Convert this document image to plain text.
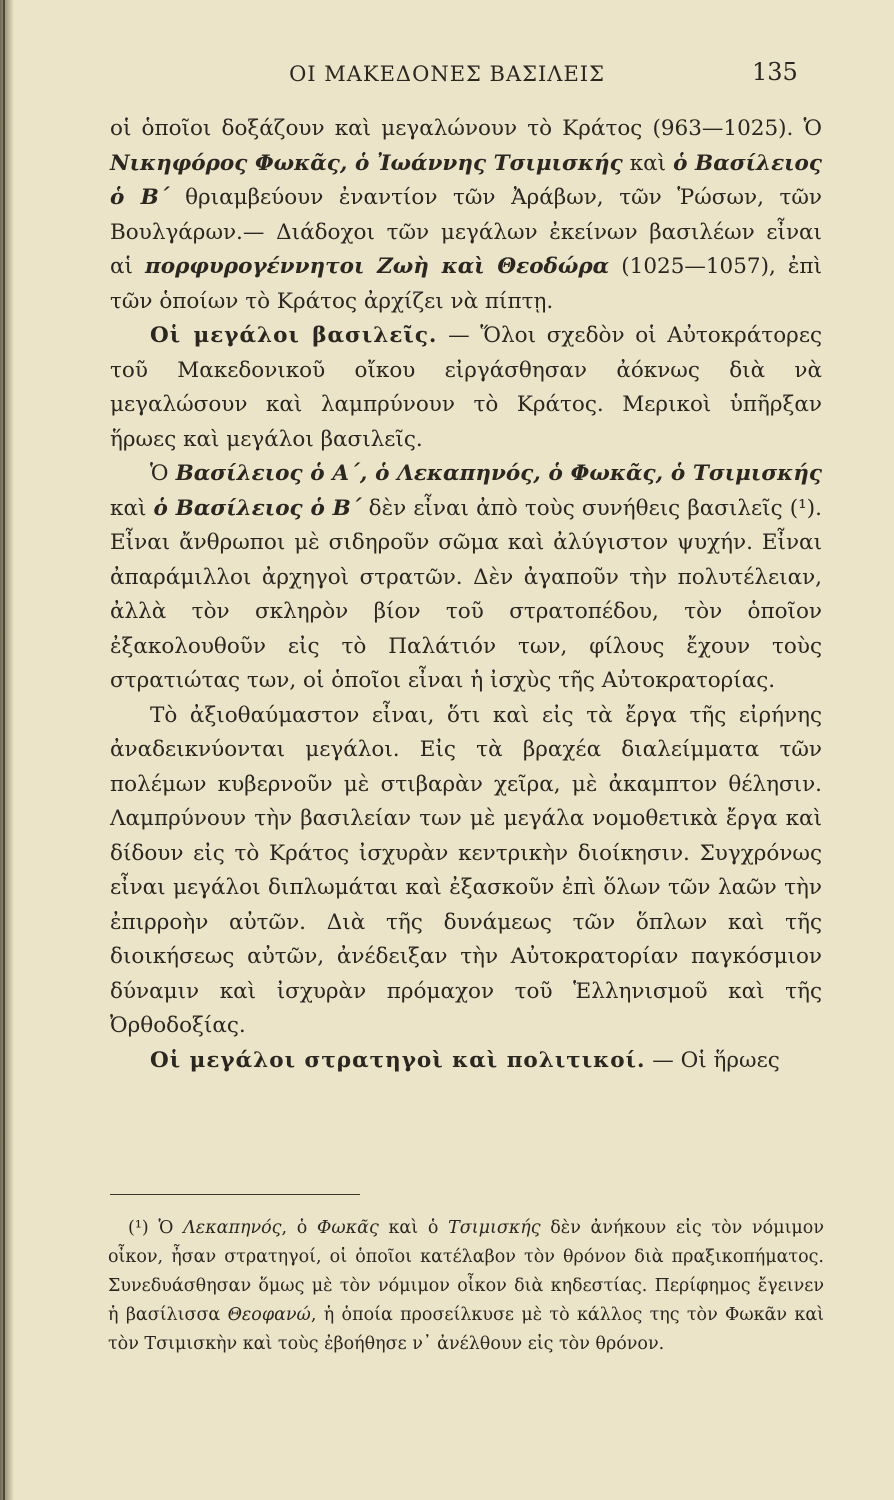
ΟΙ ΜΑΚΕΔΟΝΕΣ ΒΑΣΙΛΕΙΣ	135

οἱ ὁποῖοι δοξάζουν καὶ μεγαλώνουν τὸ Κράτος (963—1025). Ὁ Νικηφόρος Φωκᾶς, ὁ Ἰωάννης Τσιμισκής καὶ ὁ Βασίλειος ὁ Β΄ θριαμβεύουν ἐναντίον τῶν Ἀράβων, τῶν Ῥώσων, τῶν Βουλγάρων.— Διάδοχοι τῶν μεγάλων ἐκείνων βασιλέων εἶναι αἱ πορφυρογέννητοι Ζωὴ καὶ Θεοδώρα (1025—1057), ἐπὶ τῶν ὁποίων τὸ Κράτος ἀρχίζει νὰ πίπτῃ.

Οἱ μεγάλοι βασιλεῖς. — Ὅλοι σχεδὸν οἱ Αὐτοκράτορες τοῦ Μακεδονικοῦ οἴκου εἰργάσθησαν ἀόκνως διὰ νὰ μεγαλώσουν καὶ λαμπρύνουν τὸ Κράτος. Μερικοὶ ὑπῆρξαν ἥρωες καὶ μεγάλοι βασιλεῖς.

Ὁ Βασίλειος ὁ Α΄, ὁ Λεκαπηνός, ὁ Φωκᾶς, ὁ Τσιμισκής καὶ ὁ Βασίλειος ὁ Β΄ δὲν εἶναι ἀπὸ τοὺς συνήθεις βασιλεῖς (¹). Εἶναι ἄνθρωποι μὲ σιδηροῦν σῶμα καὶ ἀλύγιστον ψυχήν. Εἶναι ἀπαράμιλλοι ἀρχηγοὶ στρατῶν. Δὲν ἀγαποῦν τὴν πολυτέλειαν, ἀλλὰ τὸν σκληρὸν βίον τοῦ στρατοπέδου, τὸν ὁποῖον ἐξακολουθοῦν εἰς τὸ Παλάτιόν των, φίλους ἔχουν τοὺς στρατιώτας των, οἱ ὁποῖοι εἶναι ἡ ἰσχὺς τῆς Αὐτοκρατορίας.

Τὸ ἀξιοθαύμαστον εἶναι, ὅτι καὶ εἰς τὰ ἔργα τῆς εἰρήνης ἀναδεικνύονται μεγάλοι. Εἰς τὰ βραχέα διαλείμματα τῶν πολέμων κυβερνοῦν μὲ στιβαρὰν χεῖρα, μὲ ἀκαμπτον θέλησιν. Λαμπρύνουν τὴν βασιλείαν των μὲ μεγάλα νομοθετικὰ ἔργα καὶ δίδουν εἰς τὸ Κράτος ἰσχυρὰν κεντρικὴν διοίκησιν. Συγχρόνως εἶναι μεγάλοι διπλωμάται καὶ ἐξασκοῦν ἐπὶ ὅλων τῶν λαῶν τὴν ἐπιρροὴν αὐτῶν. Διὰ τῆς δυνάμεως τῶν ὅπλων καὶ τῆς διοικήσεως αὐτῶν, ἀνέδειξαν τὴν Αὐτοκρατορίαν παγκόσμιον δύναμιν καὶ ἰσχυρὰν πρόμαχον τοῦ Ἑλληνισμοῦ καὶ τῆς Ὀρθοδοξίας.

Οἱ μεγάλοι στρατηγοὶ καὶ πολιτικοί. — Οἱ ἥρωες

(¹) Ὁ Λεκαπηνός, ὁ Φωκᾶς καὶ ὁ Τσιμισκής δὲν ἀνήκουν εἰς τὸν νόμιμον οἶκον, ἦσαν στρατηγοί, οἱ ὁποῖοι κατέλαβον τὸν θρόνον διὰ πραξικοπήματος. Συνεδυάσθησαν ὅμως μὲ τὸν νόμιμον οἶκον διὰ κηδεστίας. Περίφημος ἔγεινεν ἡ βασίλισσα Θεοφανώ, ἡ ὁποία προσείλκυσε μὲ τὸ κάλλος της τὸν Φωκᾶν καὶ τὸν Τσιμισκὴν καὶ τοὺς ἐβοήθησε ν᾽ ἀνέλθουν εἰς τὸν θρόνον.
